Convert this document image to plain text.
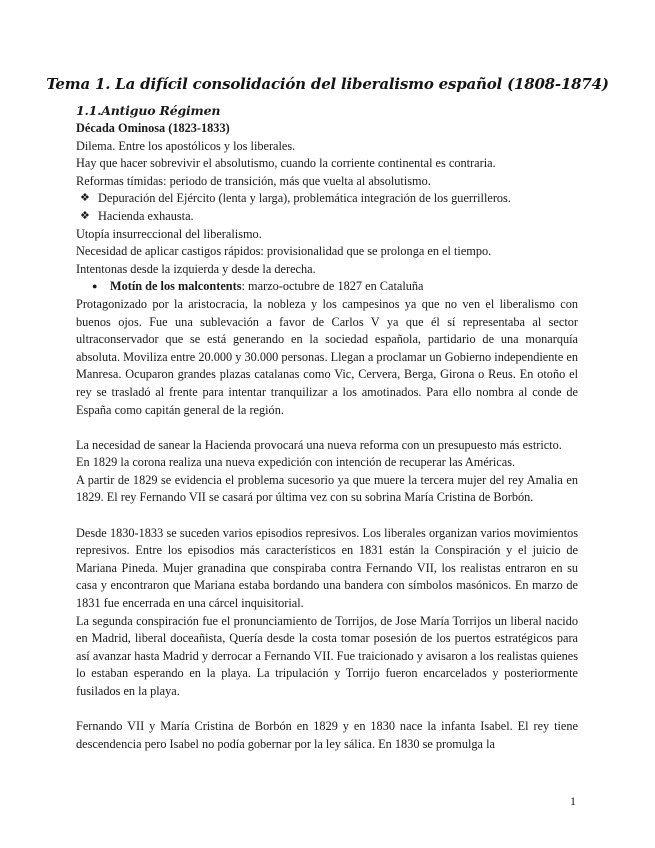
Tema 1. La difícil consolidación del liberalismo español (1808-1874)
1.1.Antiguo Régimen
Década Ominosa (1823-1833)
Dilema. Entre los apostólicos y los liberales.
Hay que hacer sobrevivir el absolutismo, cuando la corriente continental es contraria.
Reformas tímidas: periodo de transición, más que vuelta al absolutismo.
❖ Depuración del Ejército (lenta y larga), problemática integración de los guerrilleros.
❖ Hacienda exhausta.
Utopía insurreccional del liberalismo.
Necesidad de aplicar castigos rápidos: provisionalidad que se prolonga en el tiempo.
Intentonas desde la izquierda y desde la derecha.
● Motín de los malcontents: marzo-octubre de 1827 en Cataluña
Protagonizado por la aristocracia, la nobleza y los campesinos ya que no ven el liberalismo con buenos ojos. Fue una sublevación a favor de Carlos V ya que él sí representaba al sector ultraconservador que se está generando en la sociedad española, partidario de una monarquía absoluta. Moviliza entre 20.000 y 30.000 personas. Llegan a proclamar un Gobierno independiente en Manresa. Ocuparon grandes plazas catalanas como Vic, Cervera, Berga, Girona o Reus. En otoño el rey se trasladó al frente para intentar tranquilizar a los amotinados. Para ello nombra al conde de España como capitán general de la región.
La necesidad de sanear la Hacienda provocará una nueva reforma con un presupuesto más estricto.
En 1829 la corona realiza una nueva expedición con intención de recuperar las Américas.
A partir de 1829 se evidencia el problema sucesorio ya que muere la tercera mujer del rey Amalia en 1829. El rey Fernando VII se casará por última vez con su sobrina María Cristina de Borbón.
Desde 1830-1833 se suceden varios episodios represivos. Los liberales organizan varios movimientos represivos. Entre los episodios más característicos en 1831 están la Conspiración y el juicio de Mariana Pineda. Mujer granadina que conspiraba contra Fernando VII, los realistas entraron en su casa y encontraron que Mariana estaba bordando una bandera con símbolos masónicos. En marzo de 1831 fue encerrada en una cárcel inquisitorial.
La segunda conspiración fue el pronunciamiento de Torrijos, de Jose María Torrijos un liberal nacido en Madrid, liberal doceañista, Quería desde la costa tomar posesión de los puertos estratégicos para así avanzar hasta Madrid y derrocar a Fernando VII. Fue traicionado y avisaron a los realistas quienes lo estaban esperando en la playa. La tripulación y Torrijo fueron encarcelados y posteriormente fusilados en la playa.
Fernando VII y María Cristina de Borbón en 1829 y en 1830 nace la infanta Isabel. El rey tiene descendencia pero Isabel no podía gobernar por la ley sálica. En 1830 se promulga la
1
